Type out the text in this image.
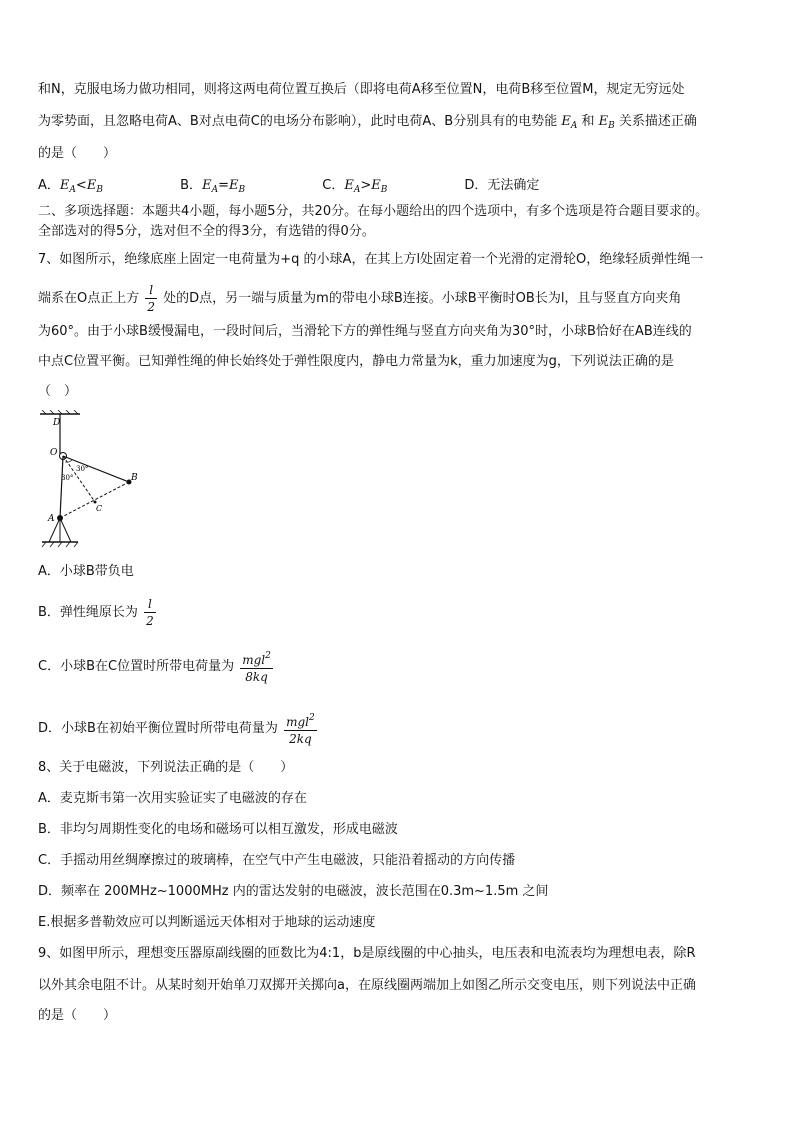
和N，克服电场力做功相同，则将这两电荷位置互换后（即将电荷A移至位置N，电荷B移至位置M，规定无穷远处
为零势面，且忽略电荷A、B对点电荷C的电场分布影响），此时电荷A、B分别具有的电势能 $E_A$ 和 $E_B$ 关系描述正确
的是（　　）
A．$E_A<E_B$	B．$E_A=E_B$	C．$E_A>E_B$	D．无法确定
二、多项选择题：本题共4小题，每小题5分，共20分。在每小题给出的四个选项中，有多个选项是符合题目要求的。
全部选对的得5分，选对但不全的得3分，有选错的得0分。
7、如图所示，绝缘底座上固定一电荷量为+q 的小球A，在其上方l处固定着一个光滑的定滑轮O，绝缘轻质弹性绳一
端系在O点正上方 $\frac{l}{2}$ 处的D点，另一端与质量为m的带电小球B连接。小球B平衡时OB长为l，且与竖直方向夹角
为60°。由于小球B缓慢漏电，一段时间后，当滑轮下方的弹性绳与竖直方向夹角为30°时，小球B恰好在AB连线的
中点C位置平衡。已知弹性绳的伸长始终处于弹性限度内，静电力常量为k，重力加速度为g，下列说法正确的是
（　）
D
O
B
C
A
30°
30°
A．小球B带负电
B．弹性绳原长为 $\frac{l}{2}$
C．小球B在C位置时所带电荷量为 $\frac{mgl^2}{8kq}$
D．小球B在初始平衡位置时所带电荷量为 $\frac{mgl^2}{2kq}$
8、关于电磁波，下列说法正确的是（　　）
A．麦克斯韦第一次用实验证实了电磁波的存在
B．非均匀周期性变化的电场和磁场可以相互激发，形成电磁波
C．手摇动用丝绸摩擦过的玻璃棒，在空气中产生电磁波，只能沿着摇动的方向传播
D．频率在 200MHz~1000MHz 内的雷达发射的电磁波，波长范围在0.3m~1.5m 之间
E.根据多普勒效应可以判断遥远天体相对于地球的运动速度
9、如图甲所示，理想变压器原副线圈的匝数比为4:1，b是原线圈的中心抽头，电压表和电流表均为理想电表，除R
以外其余电阻不计。从某时刻开始单刀双掷开关掷向a，在原线圈两端加上如图乙所示交变电压，则下列说法中正确
的是（　　）
